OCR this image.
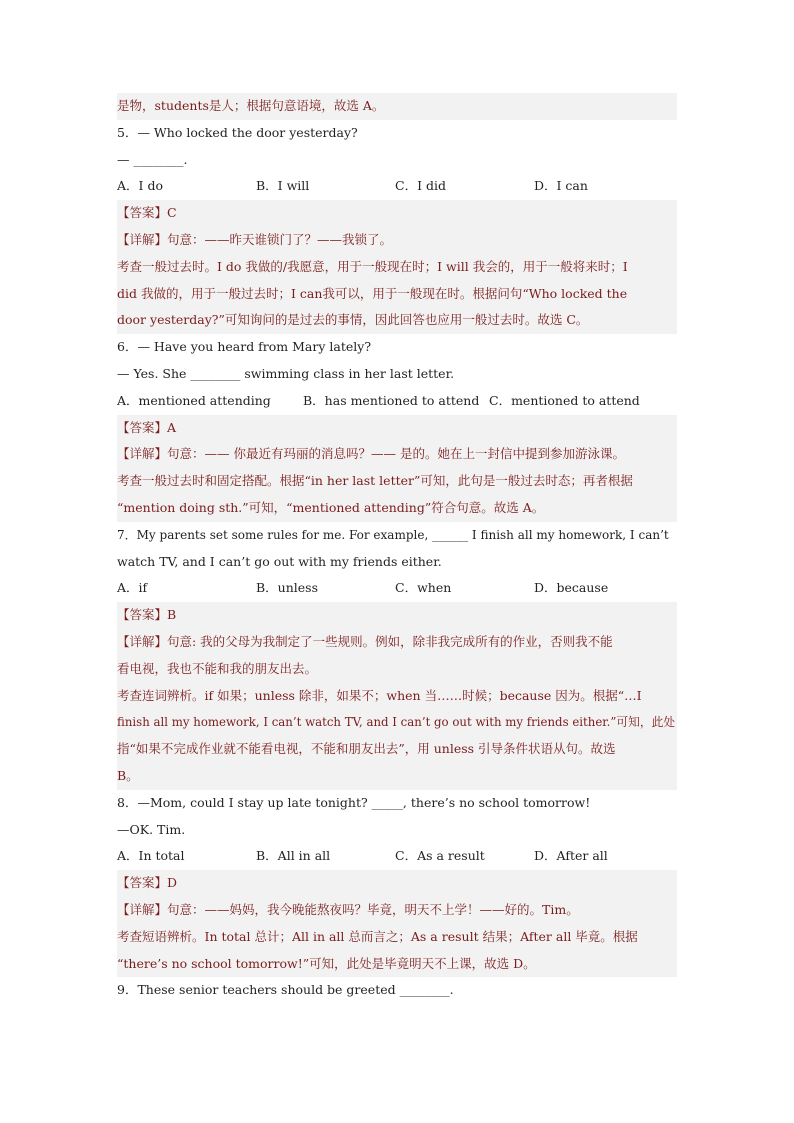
是物，students是人；根据句意语境，故选 A。
5．— Who locked the door yesterday?
— ________.
A．I do	B．I will	C．I did	D．I can
【答案】C
【详解】句意：——昨天谁锁门了？——我锁了。
考查一般过去时。I do 我做的/我愿意，用于一般现在时；I will 我会的，用于一般将来时；I
did 我做的，用于一般过去时；I can我可以，用于一般现在时。根据问句“Who locked the
door yesterday?”可知询问的是过去的事情，因此回答也应用一般过去时。故选 C。
6．— Have you heard from Mary lately?
— Yes. She ________ swimming class in her last letter.
A．mentioned attending	B．has mentioned to attend C．mentioned to attend
【答案】A
【详解】句意：—— 你最近有玛丽的消息吗？—— 是的。她在上一封信中提到参加游泳课。
考查一般过去时和固定搭配。根据“in her last letter”可知，此句是一般过去时态；再者根据
“mention doing sth.”可知，“mentioned attending”符合句意。故选 A。
7．My parents set some rules for me. For example, ______ I finish all my homework, I can’t
watch TV, and I can’t go out with my friends either.
A．if	B．unless	C．when	D．because
【答案】B
【详解】句意: 我的父母为我制定了一些规则。例如，除非我完成所有的作业，否则我不能
看电视，我也不能和我的朋友出去。
考查连词辨析。if 如果；unless 除非，如果不；when 当……时候；because 因为。根据“…I
finish all my homework, I can’t watch TV, and I can’t go out with my friends either.”可知，此处
指“如果不完成作业就不能看电视，不能和朋友出去”，用 unless 引导条件状语从句。故选
B。
8．—Mom, could I stay up late tonight? _____, there’s no school tomorrow!
—OK. Tim.
A．In total	B．All in all	C．As a result	D．After all
【答案】D
【详解】句意：——妈妈，我今晚能熬夜吗？毕竟，明天不上学！——好的。Tim。
考查短语辨析。In total 总计；All in all 总而言之；As a result 结果；After all 毕竟。根据
“there’s no school tomorrow!”可知，此处是毕竟明天不上课，故选 D。
9．These senior teachers should be greeted ________.
